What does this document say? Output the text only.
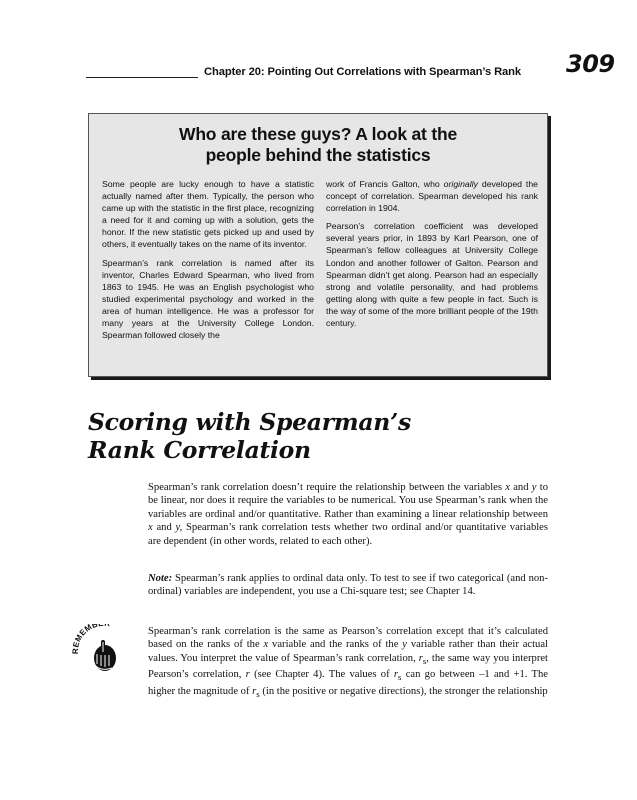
Chapter 20: Pointing Out Correlations with Spearman’s Rank	309
Who are these guys? A look at the
people behind the statistics

Some people are lucky enough to have a statistic actually named after them. Typically, the person who came up with the statistic in the first place, recognizing a need for it and coming up with a solution, gets the honor. If the new statistic gets picked up and used by others, it eventually takes on the name of its inventor.

Spearman’s rank correlation is named after its inventor, Charles Edward Spearman, who lived from 1863 to 1945. He was an English psychologist who studied experimental psychology and worked in the area of human intelligence. He was a professor for many years at the University College London. Spearman followed closely the

work of Francis Galton, who originally developed the concept of correlation. Spearman developed his rank correlation in 1904.

Pearson’s correlation coefficient was developed several years prior, in 1893 by Karl Pearson, one of Spearman’s fellow colleagues at University College London and another follower of Galton. Pearson and Spearman didn’t get along. Pearson had an especially strong and volatile personality, and had problems getting along with quite a few people in fact. Such is the way of some of the more brilliant people of the 19th century.

Scoring with Spearman’s
Rank Correlation
Spearman’s rank correlation doesn’t require the relationship between the variables x and y to be linear, nor does it require the variables to be numerical. You use Spearman’s rank when the variables are ordinal and/or quantitative. Rather than examining a linear relationship between x and y, Spearman’s rank correlation tests whether two ordinal and/or quantitative variables are dependent (in other words, related to each other).
Note: Spearman’s rank applies to ordinal data only. To test to see if two categorical (and non-ordinal) variables are independent, you use a Chi-square test; see Chapter 14.
REMEMB
Spearman’s rank correlation is the same as Pearson’s correlation except that it’s calculated based on the ranks of the x variable and the ranks of the y variable rather than their actual values. You interpret the value of Spearman’s rank correlation, $r_s$, the same way you interpret Pearson’s correlation, r (see Chapter 4). The values of $r_s$ can go between –1 and +1. The higher the magnitude of $r_s$ (in the positive or negative directions), the stronger the relationship
